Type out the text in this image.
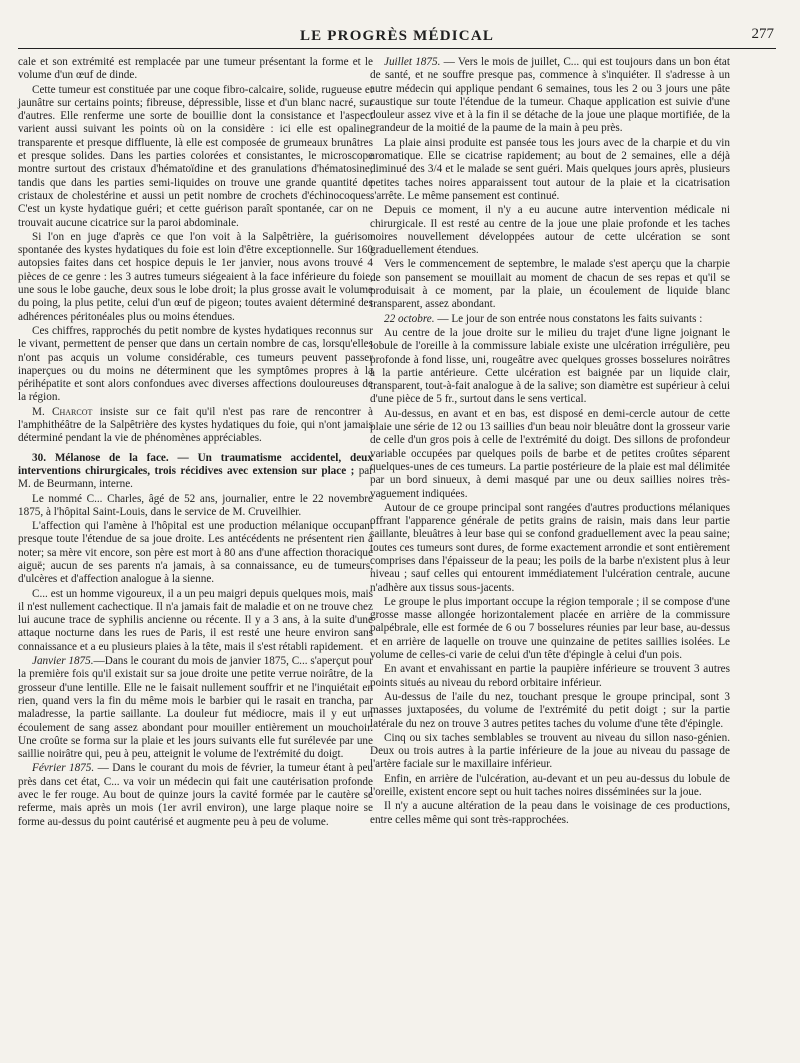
LE PROGRÈS MÉDICAL	277

cale et son extrémité est remplacée par une tumeur présentant la forme et le volume d'un œuf de dinde.

Cette tumeur est constituée par une coque fibro-calcaire, solide, rugueuse et jaunâtre sur certains points; fibreuse, dépressible, lisse et d'un blanc nacré, sur d'autres. Elle renferme une sorte de bouillie dont la consistance et l'aspect varient aussi suivant les points où on la considère : ici elle est opaline, transparente et presque diffluente, là elle est composée de grumeaux brunâtres et presque solides. Dans les parties colorées et consistantes, le microscope montre surtout des cristaux d'hématoïdine et des granulations d'hématosine; tandis que dans les parties semi-liquides on trouve une grande quantité de cristaux de cholestérine et aussi un petit nombre de crochets d'échinocoques. C'est un kyste hydatique guéri; et cette guérison paraît spontanée, car on ne trouvait aucune cicatrice sur la paroi abdominale.

Si l'on en juge d'après ce que l'on voit à la Salpêtrière, la guérison spontanée des kystes hydatiques du foie est loin d'être exceptionnelle. Sur 160 autopsies faites dans cet hospice depuis le 1er janvier, nous avons trouvé 4 pièces de ce genre : les 3 autres tumeurs siégeaient à la face inférieure du foie, une sous le lobe gauche, deux sous le lobe droit; la plus grosse avait le volume du poing, la plus petite, celui d'un œuf de pigeon; toutes avaient déterminé des adhérences péritonéales plus ou moins étendues.

Ces chiffres, rapprochés du petit nombre de kystes hydatiques reconnus sur le vivant, permettent de penser que dans un certain nombre de cas, lorsqu'elles n'ont pas acquis un volume considérable, ces tumeurs peuvent passer inaperçues ou du moins ne déterminent que les symptômes propres à la périhépatite et sont alors confondues avec diverses affections douloureuses de la région.

M. Charcot insiste sur ce fait qu'il n'est pas rare de rencontrer à l'amphithéâtre de la Salpêtrière des kystes hydatiques du foie, qui n'ont jamais déterminé pendant la vie de phénomènes appréciables.

30. Mélanose de la face. — Un traumatisme accidentel, deux interventions chirurgicales, trois récidives avec extension sur place ; par M. de Beurmann, interne.

Le nommé C... Charles, âgé de 52 ans, journalier, entre le 22 novembre 1875, à l'hôpital Saint-Louis, dans le service de M. Cruveilhier.

L'affection qui l'amène à l'hôpital est une production mélanique occupant presque toute l'étendue de sa joue droite. Les antécédents ne présentent rien à noter; sa mère vit encore, son père est mort à 80 ans d'une affection thoracique aiguë; aucun de ses parents n'a jamais, à sa connaissance, eu de tumeurs, d'ulcères et d'affection analogue à la sienne.

C... est un homme vigoureux, il a un peu maigri depuis quelques mois, mais il n'est nullement cachectique. Il n'a jamais fait de maladie et on ne trouve chez lui aucune trace de syphilis ancienne ou récente. Il y a 3 ans, à la suite d'une attaque nocturne dans les rues de Paris, il est resté une heure environ sans connaissance et a eu plusieurs plaies à la tête, mais il s'est rétabli rapidement.

Janvier 1875.—Dans le courant du mois de janvier 1875, C... s'aperçut pour la première fois qu'il existait sur sa joue droite une petite verrue noirâtre, de la grosseur d'une lentille. Elle ne le faisait nullement souffrir et ne l'inquiétait en rien, quand vers la fin du même mois le barbier qui le rasait en trancha, par maladresse, la partie saillante. La douleur fut médiocre, mais il y eut un écoulement de sang assez abondant pour mouiller entièrement un mouchoir. Une croûte se forma sur la plaie et les jours suivants elle fut surélevée par une saillie noirâtre qui, peu à peu, atteignit le volume de l'extrémité du doigt.

Février 1875. — Dans le courant du mois de février, la tumeur étant à peu près dans cet état, C... va voir un médecin qui fait une cautérisation profonde avec le fer rouge. Au bout de quinze jours la cavité formée par le cautère se referme, mais après un mois (1er avril environ), une large plaque noire se forme au-dessus du point cautérisé et augmente peu à peu de volume.

Juillet 1875. — Vers le mois de juillet, C... qui est toujours dans un bon état de santé, et ne souffre presque pas, commence à s'inquiéter. Il s'adresse à un autre médecin qui applique pendant 6 semaines, tous les 2 ou 3 jours une pâte caustique sur toute l'étendue de la tumeur. Chaque application est suivie d'une douleur assez vive et à la fin il se détache de la joue une plaque mortifiée, de la grandeur de la moitié de la paume de la main à peu près.

La plaie ainsi produite est pansée tous les jours avec de la charpie et du vin aromatique. Elle se cicatrise rapidement; au bout de 2 semaines, elle a déjà diminué des 3/4 et le malade se sent guéri. Mais quelques jours après, plusieurs petites taches noires apparaissent tout autour de la plaie et la cicatrisation s'arrête. Le même pansement est continué.

Depuis ce moment, il n'y a eu aucune autre intervention médicale ni chirurgicale. Il est resté au centre de la joue une plaie profonde et les taches noires nouvellement développées autour de cette ulcération se sont graduellement étendues.

Vers le commencement de septembre, le malade s'est aperçu que la charpie de son pansement se mouillait au moment de chacun de ses repas et qu'il se produisait à ce moment, par la plaie, un écoulement de liquide blanc transparent, assez abondant.

22 octobre. — Le jour de son entrée nous constatons les faits suivants :

Au centre de la joue droite sur le milieu du trajet d'une ligne joignant le lobule de l'oreille à la commissure labiale existe une ulcération irrégulière, peu profonde à fond lisse, uni, rougeâtre avec quelques grosses bosselures noirâtres à la partie antérieure. Cette ulcération est baignée par un liquide clair, transparent, tout-à-fait analogue à de la salive; son diamètre est supérieur à celui d'une pièce de 5 fr., surtout dans le sens vertical.

Au-dessus, en avant et en bas, est disposé en demi-cercle autour de cette plaie une série de 12 ou 13 saillies d'un beau noir bleuâtre dont la grosseur varie de celle d'un gros pois à celle de l'extrémité du doigt. Des sillons de profondeur variable occupées par quelques poils de barbe et de petites croûtes séparent quelques-unes de ces tumeurs. La partie postérieure de la plaie est mal délimitée par un bord sinueux, à demi masqué par une ou deux saillies noires très-vaguement indiquées.

Autour de ce groupe principal sont rangées d'autres productions mélaniques offrant l'apparence générale de petits grains de raisin, mais dans leur partie saillante, bleuâtres à leur base qui se confond graduellement avec la peau saine; toutes ces tumeurs sont dures, de forme exactement arrondie et sont entièrement comprises dans l'épaisseur de la peau; les poils de la barbe n'existent plus à leur niveau ; sauf celles qui entourent immédiatement l'ulcération centrale, aucune n'adhère aux tissus sous-jacents.

Le groupe le plus important occupe la région temporale ; il se compose d'une grosse masse allongée horizontalement placée en arrière de la commissure palpébrale, elle est formée de 6 ou 7 bosselures réunies par leur base, au-dessus et en arrière de laquelle on trouve une quinzaine de petites saillies isolées. Le volume de celles-ci varie de celui d'un tête d'épingle à celui d'un pois.

En avant et envahissant en partie la paupière inférieure se trouvent 3 autres points situés au niveau du rebord orbitaire inférieur.

Au-dessus de l'aile du nez, touchant presque le groupe principal, sont 3 masses juxtaposées, du volume de l'extrémité du petit doigt ; sur la partie latérale du nez on trouve 3 autres petites taches du volume d'une tête d'épingle.

Cinq ou six taches semblables se trouvent au niveau du sillon naso-génien. Deux ou trois autres à la partie inférieure de la joue au niveau du passage de l'artère faciale sur le maxillaire inférieur.

Enfin, en arrière de l'ulcération, au-devant et un peu au-dessus du lobule de l'oreille, existent encore sept ou huit taches noires disséminées sur la joue.

Il n'y a aucune altération de la peau dans le voisinage de ces productions, entre celles même qui sont très-rapprochées.
